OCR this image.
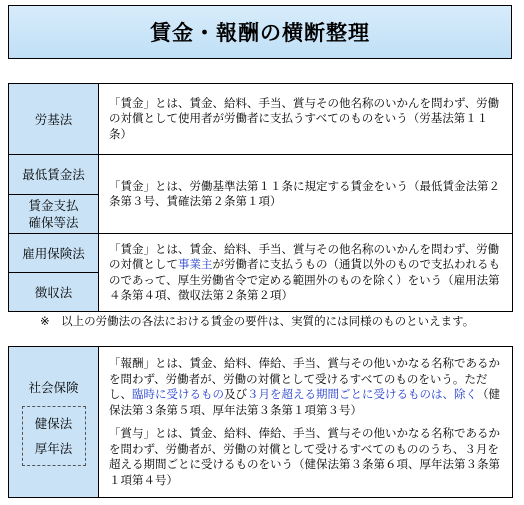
賃金・報酬の横断整理
労基法

「賃金」とは、賃金、給料、手当、賞与その他名称のいかんを問わず、労働の対償として使用者が労働者に支払うすべてのものをいう（労基法第１１条）

最低賃金法
賃金支払
確保等法

「賃金」とは、労働基準法第１１条に規定する賃金をいう（最低賃金法第２条第３号、賃確法第２条第１項）

雇用保険法
徴収法

「賃金」とは、賃金、給料、手当、賞与その他名称のいかんを問わず、労働の対償として事業主が労働者に支払うもの（通貨以外のもので支払われるものであって、厚生労働省令で定める範囲外のものを除く）をいう（雇用法第４条第４項、徴収法第２条第２項）

※　以上の労働法の各法における賃金の要件は、実質的には同様のものといえます。
社会保険
健保法
厚年法

「報酬」とは、賃金、給料、俸給、手当、賞与その他いかなる名称であるかを問わず、労働者が、労働の対償として受けるすべてのものをいう。ただし、臨時に受けるもの及び３月を超える期間ごとに受けるものは、除く（健保法第３条第５項、厚年法第３条第１項第３号）

「賞与」とは、賃金、給料、俸給、手当、賞与その他いかなる名称であるかを問わず、労働者が、労働の対償として受けるすべてのもののうち、３月を超える期間ごとに受けるものをいう（健保法第３条第６項、厚年法第３条第１項第４号）
